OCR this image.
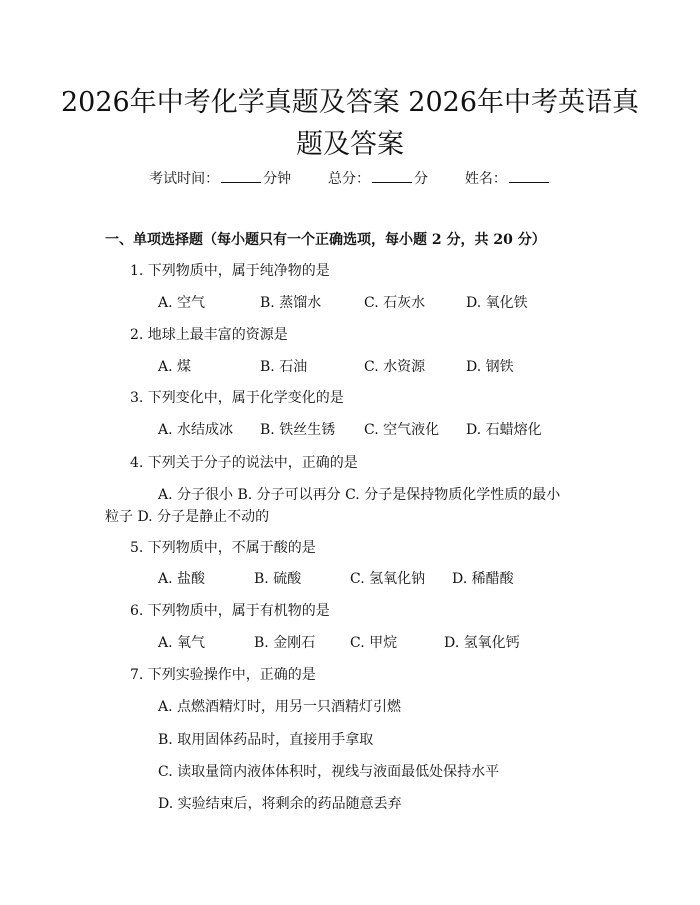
2026年中考化学真题及答案 2026年中考英语真题及答案
考试时间：	分钟	总分：	分	姓名：
一、单项选择题（每小题只有一个正确选项，每小题 2 分，共 20 分）
1. 下列物质中，属于纯净物的是
A. 空气	B. 蒸馏水	C. 石灰水	D. 氧化铁
2. 地球上最丰富的资源是
A. 煤	B. 石油	C. 水资源	D. 钢铁
3. 下列变化中，属于化学变化的是
A. 水结成冰 B. 铁丝生锈 C. 空气液化 D. 石蜡熔化
4. 下列关于分子的说法中，正确的是
A. 分子很小 B. 分子可以再分 C. 分子是保持物质化学性质的最小
粒子 D. 分子是静止不动的
5. 下列物质中，不属于酸的是
A. 盐酸	B. 硫酸	C. 氢氧化钠 D. 稀醋酸
6. 下列物质中，属于有机物的是
A. 氧气	B. 金刚石 C. 甲烷	D. 氢氧化钙
7. 下列实验操作中，正确的是
A. 点燃酒精灯时，用另一只酒精灯引燃
B. 取用固体药品时，直接用手拿取
C. 读取量筒内液体体积时，视线与液面最低处保持水平
D. 实验结束后，将剩余的药品随意丢弃
